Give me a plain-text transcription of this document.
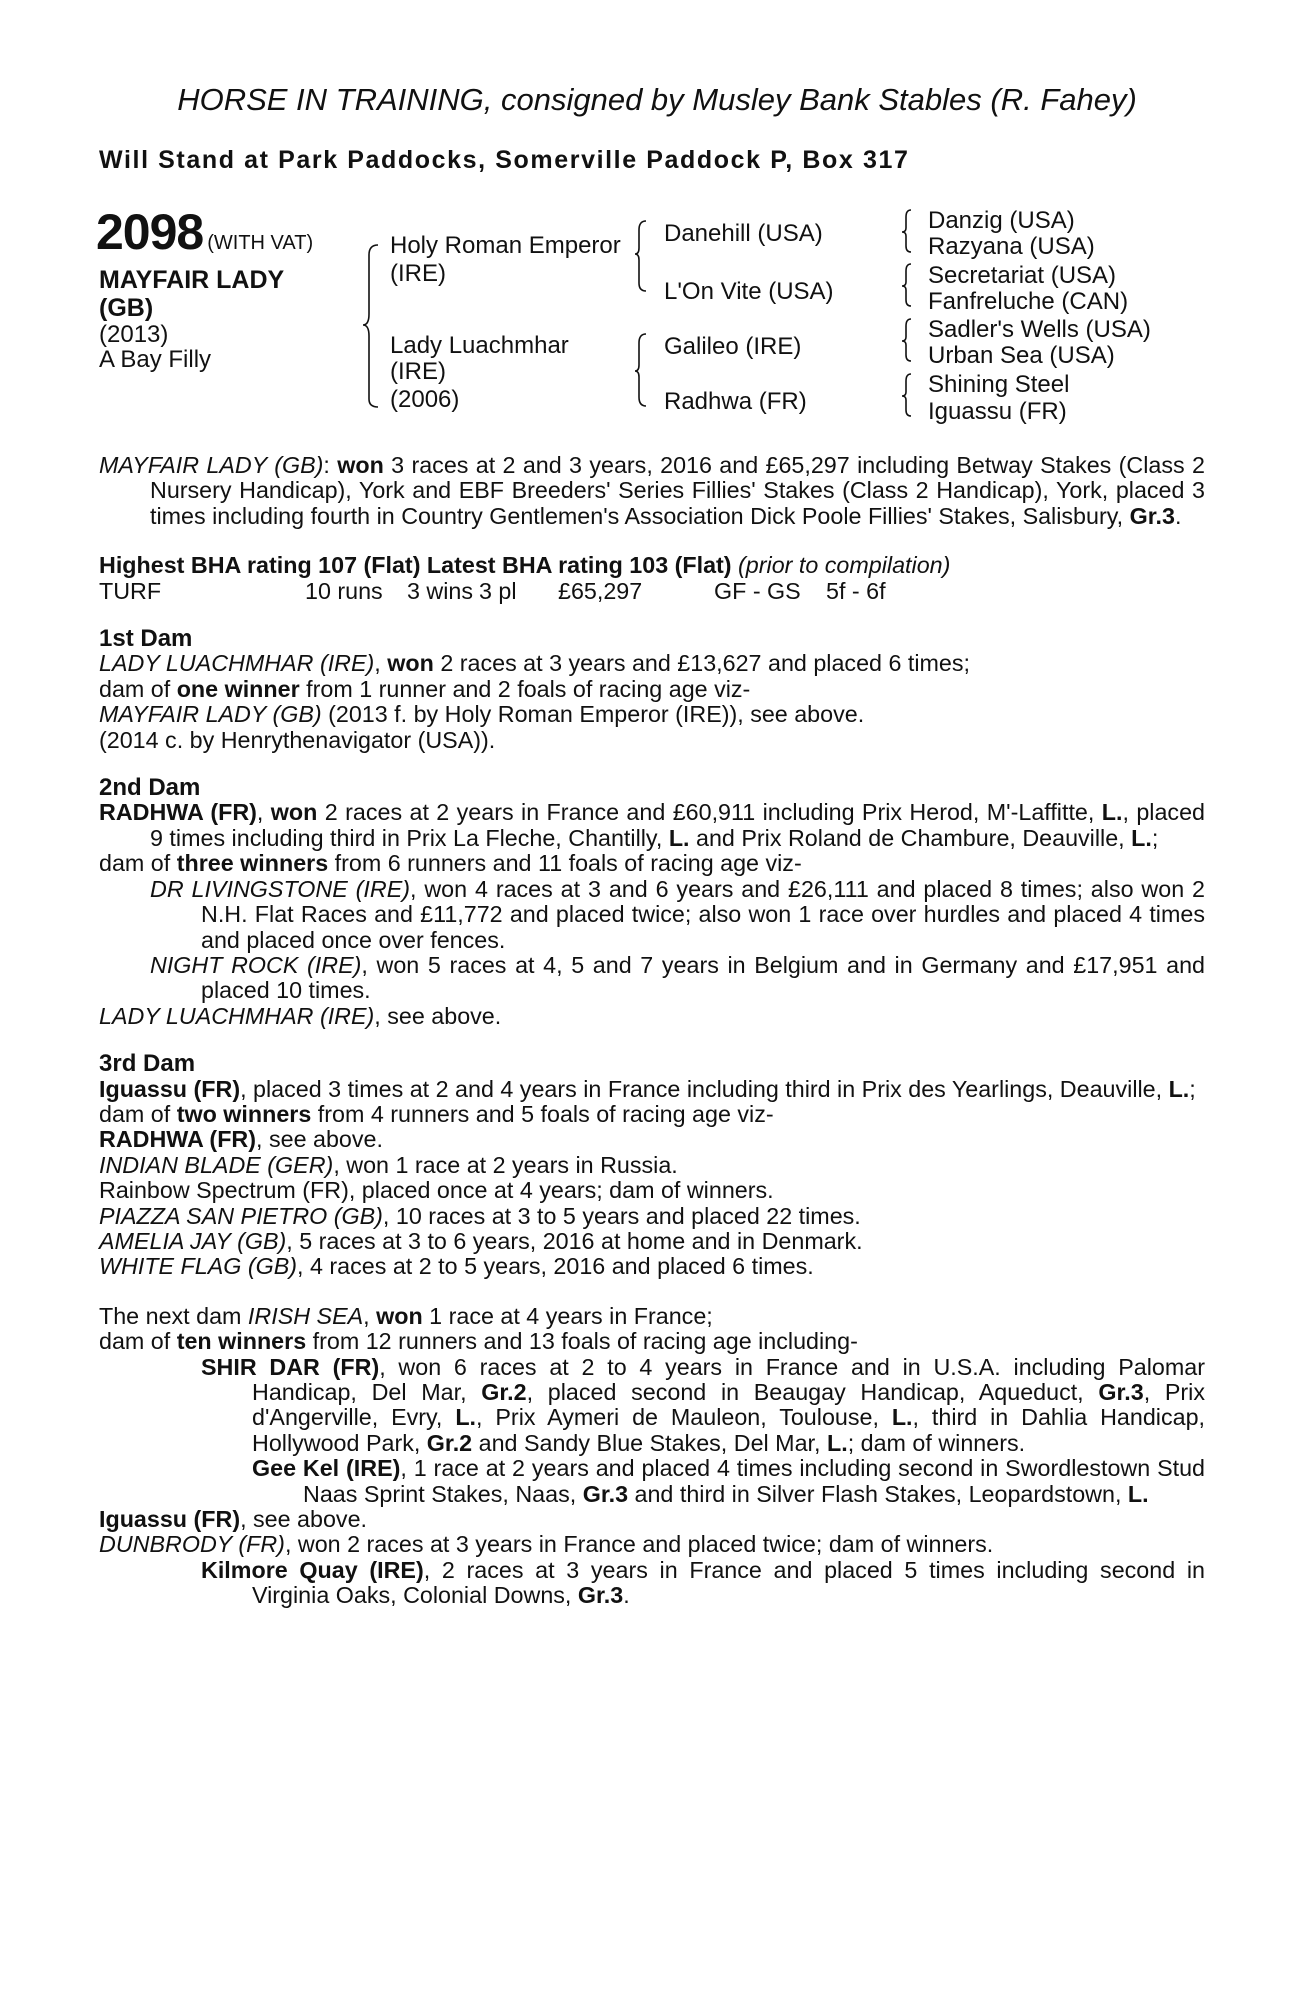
HORSE IN TRAINING, consigned by Musley Bank Stables (R. Fahey)
Will Stand at Park Paddocks, Somerville Paddock P, Box 317
2098 (WITH VAT)
MAYFAIR LADY
(GB)
(2013)
A Bay Filly
Holy Roman Emperor
(IRE)
Lady Luachmhar
(IRE)
(2006)
Danehill (USA)
L'On Vite (USA)
Galileo (IRE)
Radhwa (FR)
Danzig (USA)
Razyana (USA)
Secretariat (USA)
Fanfreluche (CAN)
Sadler's Wells (USA)
Urban Sea (USA)
Shining Steel
Iguassu (FR)

MAYFAIR LADY (GB): won 3 races at 2 and 3 years, 2016 and £65,297 including Betway Stakes (Class 2 Nursery Handicap), York and EBF Breeders' Series Fillies' Stakes (Class 2 Handicap), York, placed 3 times including fourth in Country Gentlemen's Association Dick Poole Fillies' Stakes, Salisbury, Gr.3.

Highest BHA rating 107 (Flat) Latest BHA rating 103 (Flat) (prior to compilation)

TURF	10 runs 3 wins 3 pl £65,297	GF - GS 5f - 6f

1st Dam

LADY LUACHMHAR (IRE), won 2 races at 3 years and £13,627 and placed 6 times;

dam of one winner from 1 runner and 2 foals of racing age viz-

MAYFAIR LADY (GB) (2013 f. by Holy Roman Emperor (IRE)), see above.

(2014 c. by Henrythenavigator (USA)).

2nd Dam

RADHWA (FR), won 2 races at 2 years in France and £60,911 including Prix Herod, M'-Laffitte, L., placed 9 times including third in Prix La Fleche, Chantilly, L. and Prix Roland de Chambure, Deauville, L.;

dam of three winners from 6 runners and 11 foals of racing age viz-

DR LIVINGSTONE (IRE), won 4 races at 3 and 6 years and £26,111 and placed 8 times; also won 2 N.H. Flat Races and £11,772 and placed twice; also won 1 race over hurdles and placed 4 times and placed once over fences.

NIGHT ROCK (IRE), won 5 races at 4, 5 and 7 years in Belgium and in Germany and £17,951 and placed 10 times.

LADY LUACHMHAR (IRE), see above.

3rd Dam

Iguassu (FR), placed 3 times at 2 and 4 years in France including third in Prix des Yearlings, Deauville, L.;

dam of two winners from 4 runners and 5 foals of racing age viz-

RADHWA (FR), see above.

INDIAN BLADE (GER), won 1 race at 2 years in Russia.

Rainbow Spectrum (FR), placed once at 4 years; dam of winners.

PIAZZA SAN PIETRO (GB), 10 races at 3 to 5 years and placed 22 times.

AMELIA JAY (GB), 5 races at 3 to 6 years, 2016 at home and in Denmark.

WHITE FLAG (GB), 4 races at 2 to 5 years, 2016 and placed 6 times.

The next dam IRISH SEA, won 1 race at 4 years in France;

dam of ten winners from 12 runners and 13 foals of racing age including-

SHIR DAR (FR), won 6 races at 2 to 4 years in France and in U.S.A. including Palomar Handicap, Del Mar, Gr.2, placed second in Beaugay Handicap, Aqueduct, Gr.3, Prix d'Angerville, Evry, L., Prix Aymeri de Mauleon, Toulouse, L., third in Dahlia Handicap, Hollywood Park, Gr.2 and Sandy Blue Stakes, Del Mar, L.; dam of winners.

Gee Kel (IRE), 1 race at 2 years and placed 4 times including second in Swordlestown Stud Naas Sprint Stakes, Naas, Gr.3 and third in Silver Flash Stakes, Leopardstown, L.

Iguassu (FR), see above.

DUNBRODY (FR), won 2 races at 3 years in France and placed twice; dam of winners.

Kilmore Quay (IRE), 2 races at 3 years in France and placed 5 times including second in Virginia Oaks, Colonial Downs, Gr.3.
